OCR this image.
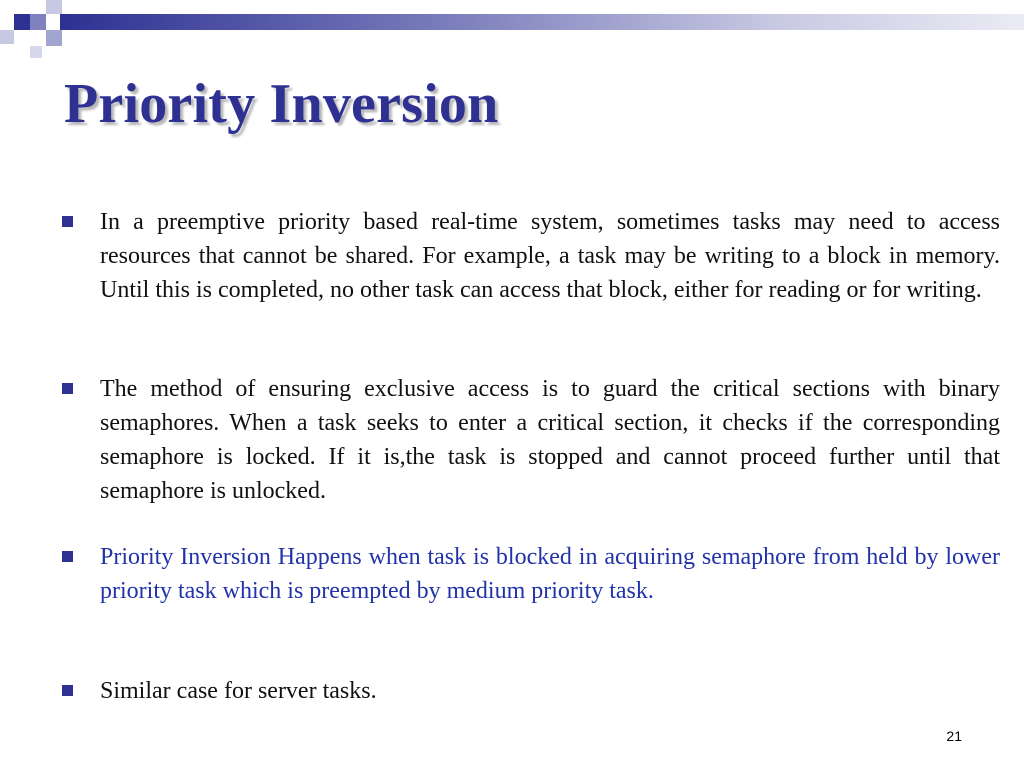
Priority Inversion

In a preemptive priority based real-time system, sometimes tasks may need to access resources that cannot be shared. For example, a task may be writing to a block in memory. Until this is completed, no other task can access that block, either for reading or for writing.

The method of ensuring exclusive access is to guard the critical sections with binary semaphores. When a task seeks to enter a critical section, it checks if the corresponding semaphore is locked. If it is,the task is stopped and cannot proceed further until that semaphore is unlocked.

Priority Inversion Happens when task is blocked in acquiring semaphore from held by lower priority task which is preempted by medium priority task.

Similar case for server tasks.

21
